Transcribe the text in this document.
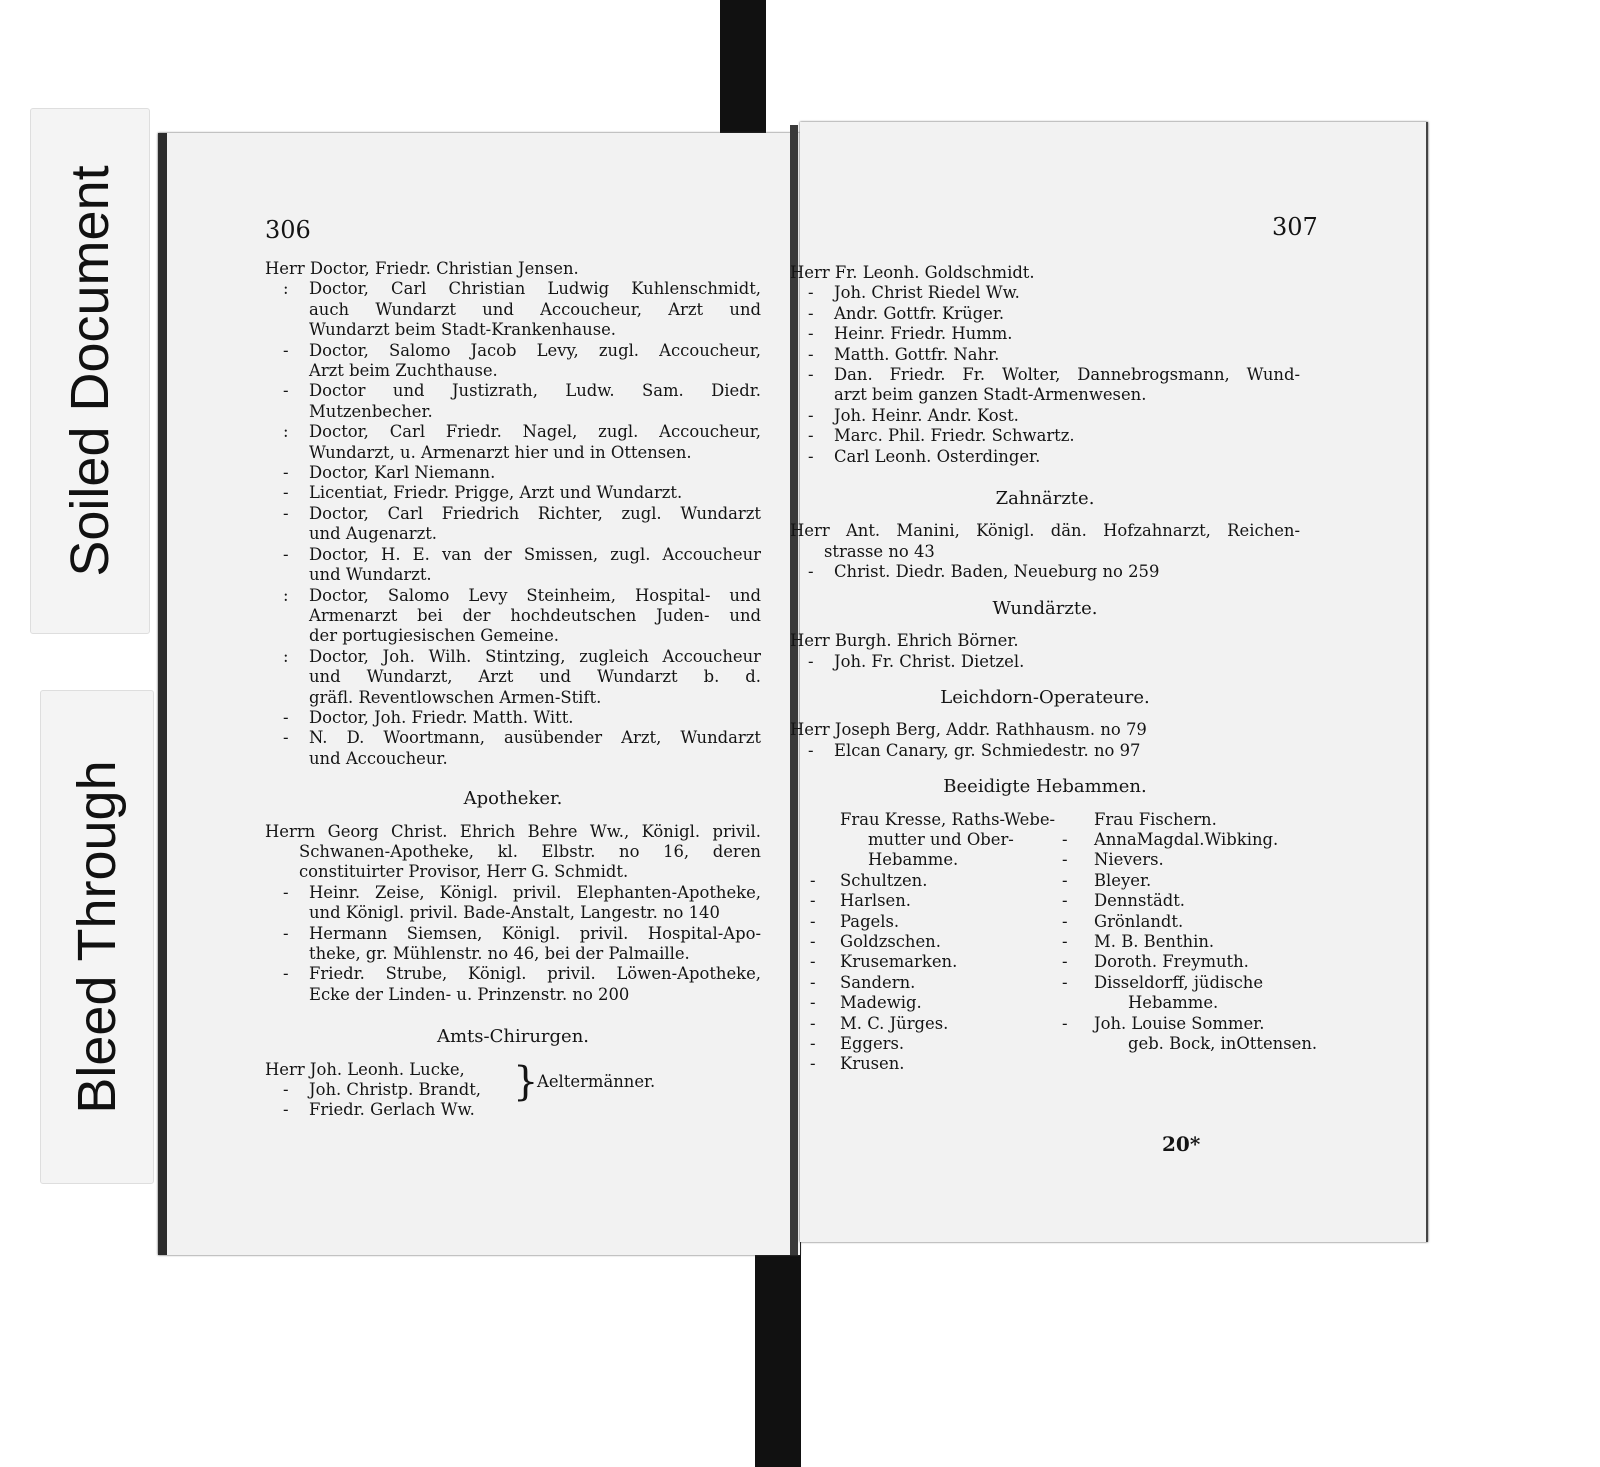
Soiled Document
Bleed Through
306
Herr Doctor, Friedr. Christian Jensen.
: Doctor, Carl Christian Ludwig Kuhlenschmidt,
auch Wundarzt und Accoucheur, Arzt und
Wundarzt beim Stadt-Krankenhause.
- Doctor, Salomo Jacob Levy, zugl. Accoucheur,
Arzt beim Zuchthause.
- Doctor und Justizrath, Ludw. Sam. Diedr.
Mutzenbecher.
: Doctor, Carl Friedr. Nagel, zugl. Accoucheur,
Wundarzt, u. Armenarzt hier und in Ottensen.
- Doctor, Karl Niemann.
- Licentiat, Friedr. Prigge, Arzt und Wundarzt.
- Doctor, Carl Friedrich Richter, zugl. Wundarzt
und Augenarzt.
- Doctor, H. E. van der Smissen, zugl. Accoucheur
und Wundarzt.
: Doctor, Salomo Levy Steinheim, Hospital- und
Armenarzt bei der hochdeutschen Juden- und
der portugiesischen Gemeine.
: Doctor, Joh. Wilh. Stintzing, zugleich Accoucheur
und Wundarzt, Arzt und Wundarzt b. d.
gräfl. Reventlowschen Armen-Stift.
- Doctor, Joh. Friedr. Matth. Witt.
- N. D. Woortmann, ausübender Arzt, Wundarzt
und Accoucheur.
Apotheker.
Herrn Georg Christ. Ehrich Behre Ww., Königl. privil.
Schwanen-Apotheke, kl. Elbstr. no 16, deren
constituirter Provisor, Herr G. Schmidt.
- Heinr. Zeise, Königl. privil. Elephanten-Apotheke,
und Königl. privil. Bade-Anstalt, Langestr. no 140
- Hermann Siemsen, Königl. privil. Hospital-Apo-
theke, gr. Mühlenstr. no 46, bei der Palmaille.
- Friedr. Strube, Königl. privil. Löwen-Apotheke,
Ecke der Linden- u. Prinzenstr. no 200
Amts-Chirurgen.
Herr Joh. Leonh. Lucke,
- Joh. Christp. Brandt,
- Friedr. Gerlach Ww.
}
Aeltermänner.
307
Herr Fr. Leonh. Goldschmidt.
- Joh. Christ Riedel Ww.
- Andr. Gottfr. Krüger.
- Heinr. Friedr. Humm.
- Matth. Gottfr. Nahr.
- Dan. Friedr. Fr. Wolter, Dannebrogsmann, Wund-
arzt beim ganzen Stadt-Armenwesen.
- Joh. Heinr. Andr. Kost.
- Marc. Phil. Friedr. Schwartz.
- Carl Leonh. Osterdinger.
Zahnärzte.
Herr Ant. Manini, Königl. dän. Hofzahnarzt, Reichen-
strasse no 43
- Christ. Diedr. Baden, Neueburg no 259
Wundärzte.
Herr Burgh. Ehrich Börner.
- Joh. Fr. Christ. Dietzel.
Leichdorn-Operateure.
Herr Joseph Berg, Addr. Rathhausm. no 79
- Elcan Canary, gr. Schmiedestr. no 97
Beeidigte Hebammen.
Frau Kresse, Raths-Webe-
mutter und Ober-
Hebamme.
- Schultzen.
- Harlsen.
- Pagels.
- Goldzschen.
- Krusemarken.
- Sandern.
- Madewig.
- M. C. Jürges.
- Eggers.
- Krusen.
Frau Fischern.
- AnnaMagdal.Wibking.
- Nievers.
- Bleyer.
- Dennstädt.
- Grönlandt.
- M. B. Benthin.
- Doroth. Freymuth.
- Disseldorff, jüdische
Hebamme.
- Joh. Louise Sommer.
geb. Bock, inOttensen.
20*
